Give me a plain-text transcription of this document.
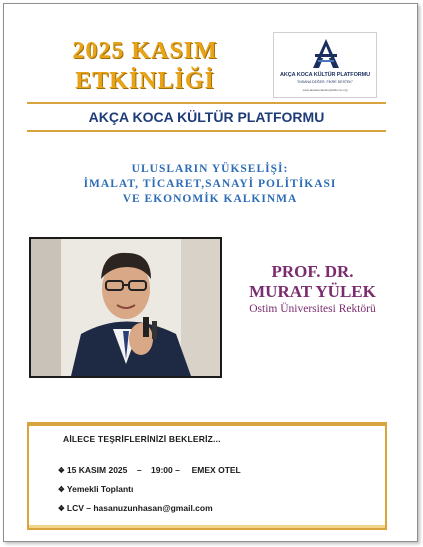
2025 KASIM
ETKİNLİĞİ	AKÇA KOCA KÜLTÜR PLATFORMU
"İNSANA DEĞER, FİKRE DESTEK"
www.akcakocakulturplatformu.org
AKÇA KOCA KÜLTÜR PLATFORMU
ULUSLARIN YÜKSELİŞİ:
İMALAT, TİCARET,SANAYİ POLİTİKASI
VE EKONOMİK KALKINMA
PROF. DR.
MURAT YÜLEK
Ostim Üniversitesi Rektörü
AİLECE TEŞRİFLERİNİZİ BEKLERİZ...

❖ 15 KASIM 2025    –    19:00 –     EMEX OTEL

❖ Yemekli Toplantı

❖ LCV – hasanuzunhasan@gmail.com
